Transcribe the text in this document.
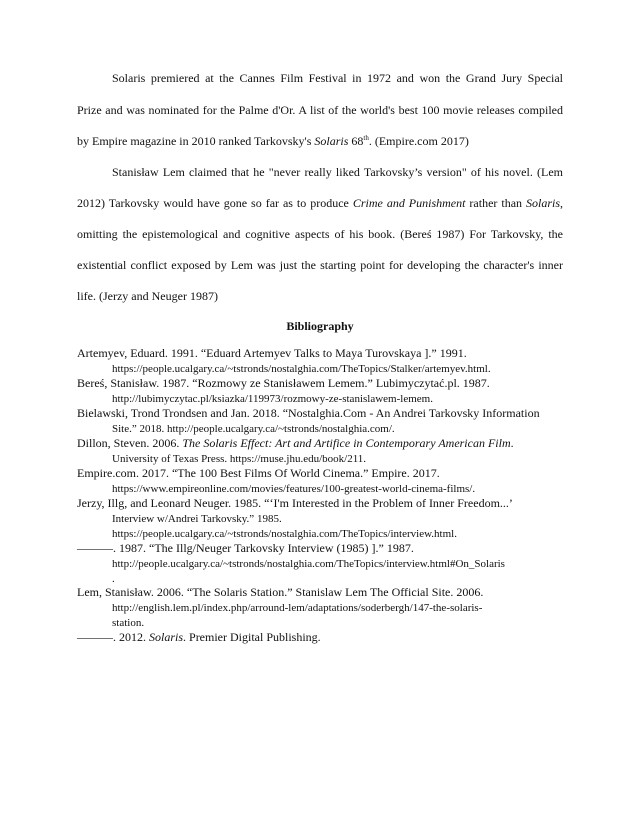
Solaris premiered at the Cannes Film Festival in 1972 and won the Grand Jury Special
Prize and was nominated for the Palme d'Or. A list of the world's best 100 movie releases compiled
by Empire magazine in 2010 ranked Tarkovsky's Solaris 68th. (Empire.com 2017)
Stanisław Lem claimed that he "never really liked Tarkovsky’s version" of his novel. (Lem
2012) Tarkovsky would have gone so far as to produce Crime and Punishment rather than Solaris,
omitting the epistemological and cognitive aspects of his book. (Bereś 1987) For Tarkovsky, the
existential conflict exposed by Lem was just the starting point for developing the character's inner
life. (Jerzy and Neuger 1987)
Bibliography
Artemyev, Eduard. 1991. “Eduard Artemyev Talks to Maya Turovskaya ].” 1991.
https://people.ucalgary.ca/~tstronds/nostalghia.com/TheTopics/Stalker/artemyev.html.
Bereś, Stanisław. 1987. “Rozmowy ze Stanisławem Lemem.” Lubimyczytać.pl. 1987.
http://lubimyczytac.pl/ksiazka/119973/rozmowy-ze-stanislawem-lemem.
Bielawski, Trond Trondsen and Jan. 2018. “Nostalghia.Com - An Andrei Tarkovsky Information
Site.” 2018. http://people.ucalgary.ca/~tstronds/nostalghia.com/.
Dillon, Steven. 2006. The Solaris Effect: Art and Artifice in Contemporary American Film.
University of Texas Press. https://muse.jhu.edu/book/211.
Empire.com. 2017. “The 100 Best Films Of World Cinema.” Empire. 2017.
https://www.empireonline.com/movies/features/100-greatest-world-cinema-films/.
Jerzy, Illg, and Leonard Neuger. 1985. “‘I'm Interested in the Problem of Inner Freedom...’
Interview w/Andrei Tarkovsky.” 1985.
https://people.ucalgary.ca/~tstronds/nostalghia.com/TheTopics/interview.html.
———. 1987. “The Illg/Neuger Tarkovsky Interview (1985) ].” 1987.
http://people.ucalgary.ca/~tstronds/nostalghia.com/TheTopics/interview.html#On_Solaris
.
Lem, Stanisław. 2006. “The Solaris Station.” Stanislaw Lem The Official Site. 2006.
http://english.lem.pl/index.php/arround-lem/adaptations/soderbergh/147-the-solaris-
station.
———. 2012. Solaris. Premier Digital Publishing.
